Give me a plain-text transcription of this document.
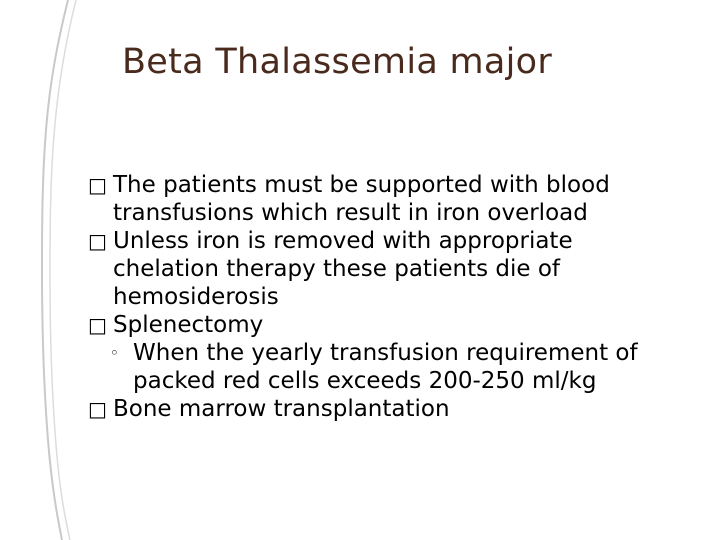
Beta Thalassemia major
□ The patients must be supported with blood
transfusions which result in iron overload
□ Unless iron is removed with appropriate
chelation therapy these patients die of
hemosiderosis
□ Splenectomy
◦ When the yearly transfusion requirement of
packed red cells exceeds 200-250 ml/kg
□ Bone marrow transplantation
